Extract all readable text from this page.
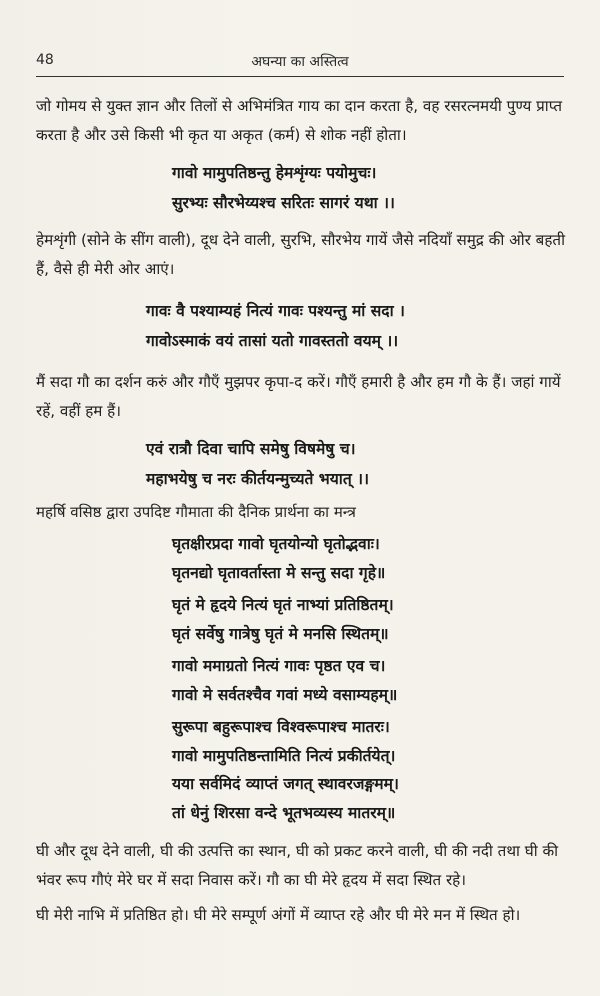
48	अघन्या का अस्तित्व

जो गोमय से युक्त ज्ञान और तिलों से अभिमंत्रित गाय का दान करता है, वह रसरत्नमयी पुण्य प्राप्त करता है और उसे किसी भी कृत या अकृत (कर्म) से शोक नहीं होता।

गावो मामुपतिष्ठन्तु हेमशृंग्यः पयोमुचः।
सुरभ्यः सौरभेय्यश्च सरितः सागरं यथा ।।

हेमशृंगी (सोने के सींग वाली), दूध देने वाली, सुरभि, सौरभेय गायें जैसे नदियाँ समुद्र की ओर बहती हैं, वैसे ही मेरी ओर आएं।

गावः वै पश्याम्यहं नित्यं गावः पश्यन्तु मां सदा ।
गावोऽस्माकं वयं तासां यतो गावस्ततो वयम् ।।

मैं सदा गौ का दर्शन करुं और गौएँ मुझपर कृपा-द करें। गौएँ हमारी है और हम गौ के हैं। जहां गायें रहें, वहीं हम हैं।

एवं रात्रौ दिवा चापि समेषु विषमेषु च।
महाभयेषु च नरः कीर्तयन्मुच्यते भयात् ।।

महर्षि वसिष्ठ द्वारा उपदिष्ट गौमाता की दैनिक प्रार्थना का मन्त्र

घृतक्षीरप्रदा गावो घृतयोन्यो घृतोद्भवाः।
घृतनद्यो घृतावर्तास्ता मे सन्तु सदा गृहे॥
घृतं मे हृदये नित्यं घृतं नाभ्यां प्रतिष्ठितम्।
घृतं सर्वेषु गात्रेषु घृतं मे मनसि स्थितम्॥
गावो ममाग्रतो नित्यं गावः पृष्ठत एव च।
गावो मे सर्वतश्चैव गवां मध्ये वसाम्यहम्॥
सुरूपा बहुरूपाश्च विश्वरूपाश्च मातरः।
गावो मामुपतिष्ठन्तामिति नित्यं प्रकीर्तयेत्।
यया सर्वमिदं व्याप्तं जगत् स्थावरजङ्गमम्।
तां धेनुं शिरसा वन्दे भूतभव्यस्य मातरम्॥

घी और दूध देने वाली, घी की उत्पत्ति का स्थान, घी को प्रकट करने वाली, घी की नदी तथा घी की भंवर रूप गौएं मेरे घर में सदा निवास करें। गौ का घी मेरे हृदय में सदा स्थित रहे।

घी मेरी नाभि में प्रतिष्ठित हो। घी मेरे सम्पूर्ण अंगों में व्याप्त रहे और घी मेरे मन में स्थित हो।
